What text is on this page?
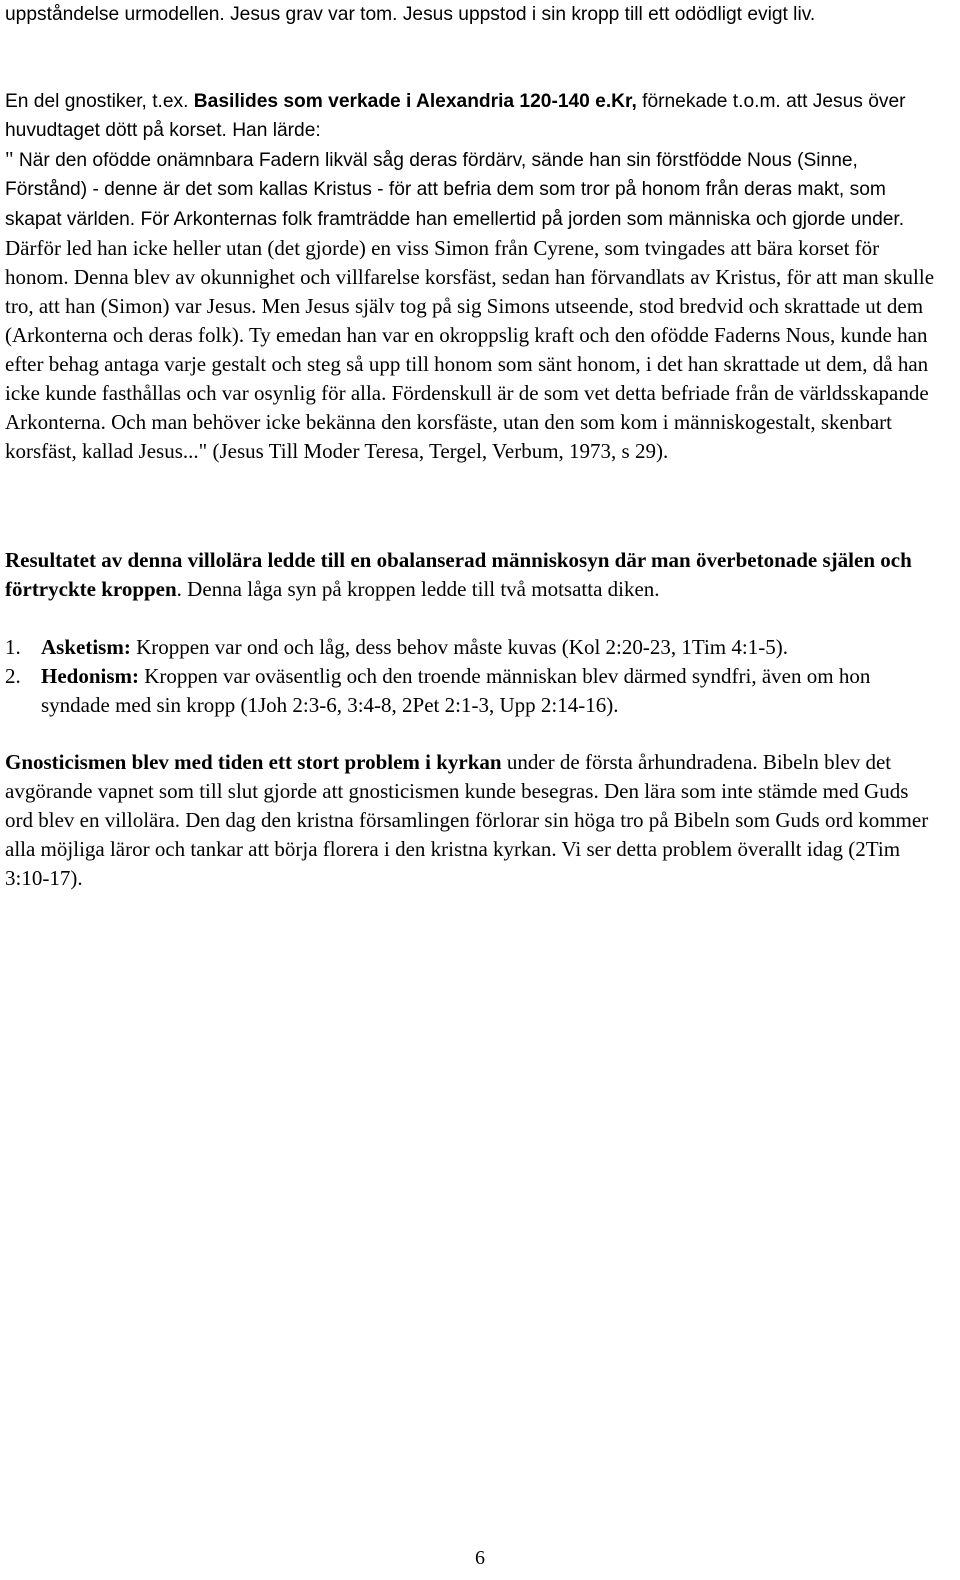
uppståndelse urmodellen. Jesus grav var tom. Jesus uppstod i sin kropp till ett odödligt evigt liv.

En del gnostiker, t.ex. Basilides som verkade i Alexandria 120-140 e.Kr, förnekade t.o.m. att Jesus över huvudtaget dött på korset. Han lärde:

" När den ofödde onämnbara Fadern likväl såg deras fördärv, sände han sin förstfödde Nous (Sinne, Förstånd) - denne är det som kallas Kristus - för att befria dem som tror på honom från deras makt, som skapat världen. För Arkonternas folk framträdde han emellertid på jorden som människa och gjorde under. Därför led han icke heller utan (det gjorde) en viss Simon från Cyrene, som tvingades att bära korset för honom. Denna blev av okunnighet och villfarelse korsfäst, sedan han förvandlats av Kristus, för att man skulle tro, att han (Simon) var Jesus. Men Jesus själv tog på sig Simons utseende, stod bredvid och skrattade ut dem (Arkonterna och deras folk). Ty emedan han var en okroppslig kraft och den ofödde Faderns Nous, kunde han efter behag antaga varje gestalt och steg så upp till honom som sänt honom, i det han skrattade ut dem, då han icke kunde fasthållas och var osynlig för alla. Fördenskull är de som vet detta befriade från de världsskapande Arkonterna. Och man behöver icke bekänna den korsfäste, utan den som kom i människogestalt, skenbart korsfäst, kallad Jesus..." (Jesus Till Moder Teresa, Tergel, Verbum, 1973, s 29).

Resultatet av denna villolära ledde till en obalanserad människosyn där man överbetonade själen och förtryckte kroppen. Denna låga syn på kroppen ledde till två motsatta diken.

1. Asketism: Kroppen var ond och låg, dess behov måste kuvas (Kol 2:20-23, 1Tim 4:1-5).
2. Hedonism: Kroppen var oväsentlig och den troende människan blev därmed syndfri, även om hon syndade med sin kropp (1Joh 2:3-6, 3:4-8, 2Pet 2:1-3, Upp 2:14-16).

Gnosticismen blev med tiden ett stort problem i kyrkan under de första århundradena. Bibeln blev det avgörande vapnet som till slut gjorde att gnosticismen kunde besegras. Den lära som inte stämde med Guds ord blev en villolära. Den dag den kristna församlingen förlorar sin höga tro på Bibeln som Guds ord kommer alla möjliga läror och tankar att börja florera i den kristna kyrkan. Vi ser detta problem överallt idag (2Tim 3:10-17).

6
